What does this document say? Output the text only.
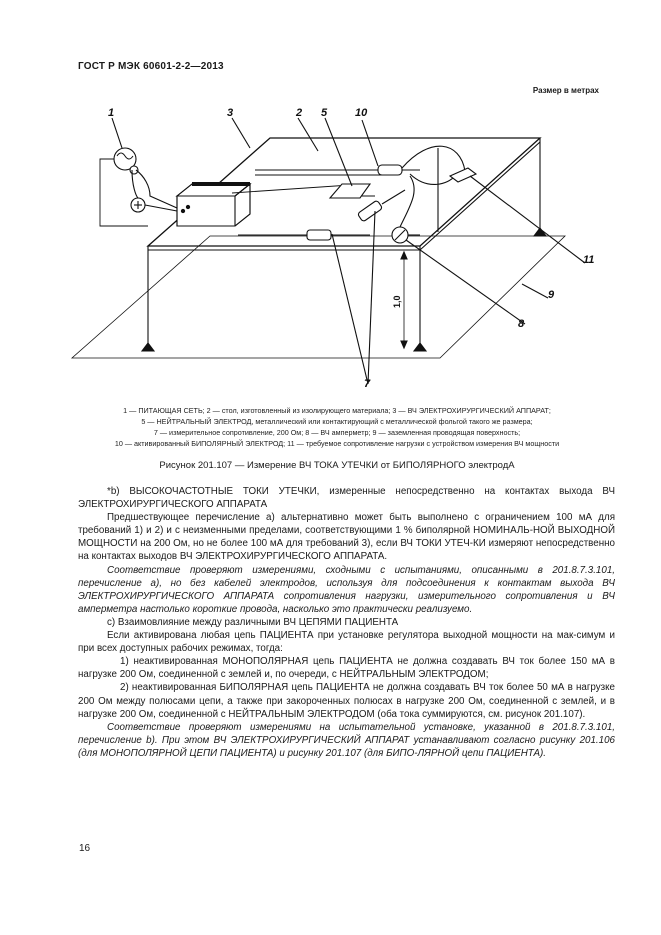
ГОСТ Р МЭК 60601-2-2—2013
Размер в метрах
1	3	2 5	10
11
9
8
7
1,0
1 — ПИТАЮЩАЯ СЕТЬ; 2 — стол, изготовленный из изолирующего материала; 3 — ВЧ ЭЛЕКТРОХИРУРГИЧЕСКИЙ АППАРАТ;
5 — НЕЙТРАЛЬНЫЙ ЭЛЕКТРОД, металлический или контактирующий с металлической фольгой такого же размера;
7 — измерительное сопротивление, 200 Ом; 8 — ВЧ амперметр; 9 — заземленная проводящая поверхность;
10 — активированный БИПОЛЯРНЫЙ ЭЛЕКТРОД; 11 — требуемое сопротивление нагрузки с устройством измерения ВЧ мощности
Рисунок 201.107 — Измерение ВЧ ТОКА УТЕЧКИ от БИПОЛЯРНОГО электродА

*b) ВЫСОКОЧАСТОТНЫЕ ТОКИ УТЕЧКИ, измеренные непосредственно на контактах выхода ВЧ ЭЛЕКТРОХИРУРГИЧЕСКОГО АППАРАТА

Предшествующее перечисление а) альтернативно может быть выполнено с ограничением 100 мА для требований 1) и 2) и с неизменными пределами, соответствующими 1 % биполярной НОМИНАЛЬ-НОЙ ВЫХОДНОЙ МОЩНОСТИ на 200 Ом, но не более 100 мА для требований 3), если ВЧ ТОКИ УТЕЧ-КИ измеряют непосредственно на контактах выходов ВЧ ЭЛЕКТРОХИРУРГИЧЕСКОГО АППАРАТА.

Соответствие проверяют измерениями, сходными с испытаниями, описанными в 201.8.7.3.101, перечисление а), но без кабелей электродов, используя для подсоединения к контактам выхода ВЧ ЭЛЕКТРОХИРУРГИЧЕСКОГО АППАРАТА сопротивления нагрузки, измерительного сопротивления и ВЧ амперметра настолько короткие провода, насколько это практически реализуемо.

с) Взаимовлияние между различными ВЧ ЦЕПЯМИ ПАЦИЕНТА

Если активирована любая цепь ПАЦИЕНТА при установке регулятора выходной мощности на мак-симум и при всех доступных рабочих режимах, тогда:

1) неактивированная МОНОПОЛЯРНАЯ цепь ПАЦИЕНТА не должна создавать ВЧ ток более 150 мА в нагрузке 200 Ом, соединенной с землей и, по очереди, с НЕЙТРАЛЬНЫМ ЭЛЕКТРОДОМ;

2) неактивированная БИПОЛЯРНАЯ цепь ПАЦИЕНТА не должна создавать ВЧ ток более 50 мА в нагрузке 200 Ом между полюсами цепи, а также при закороченных полюсах в нагрузке 200 Ом, соединенной с землей, и в нагрузке 200 Ом, соединенной с НЕЙТРАЛЬНЫМ ЭЛЕКТРОДОМ (оба тока суммируются, см. рисунок 201.107).

Соответствие проверяют измерениями на испытательной установке, указанной в 201.8.7.3.101, перечисление b). При этом ВЧ ЭЛЕКТРОХИРУРГИЧЕСКИЙ АППАРАТ устанавливают согласно рисунку 201.106 (для МОНОПОЛЯРНОЙ ЦЕПИ ПАЦИЕНТА) и рисунку 201.107 (для БИПО-ЛЯРНОЙ цепи ПАЦИЕНТА).

16
